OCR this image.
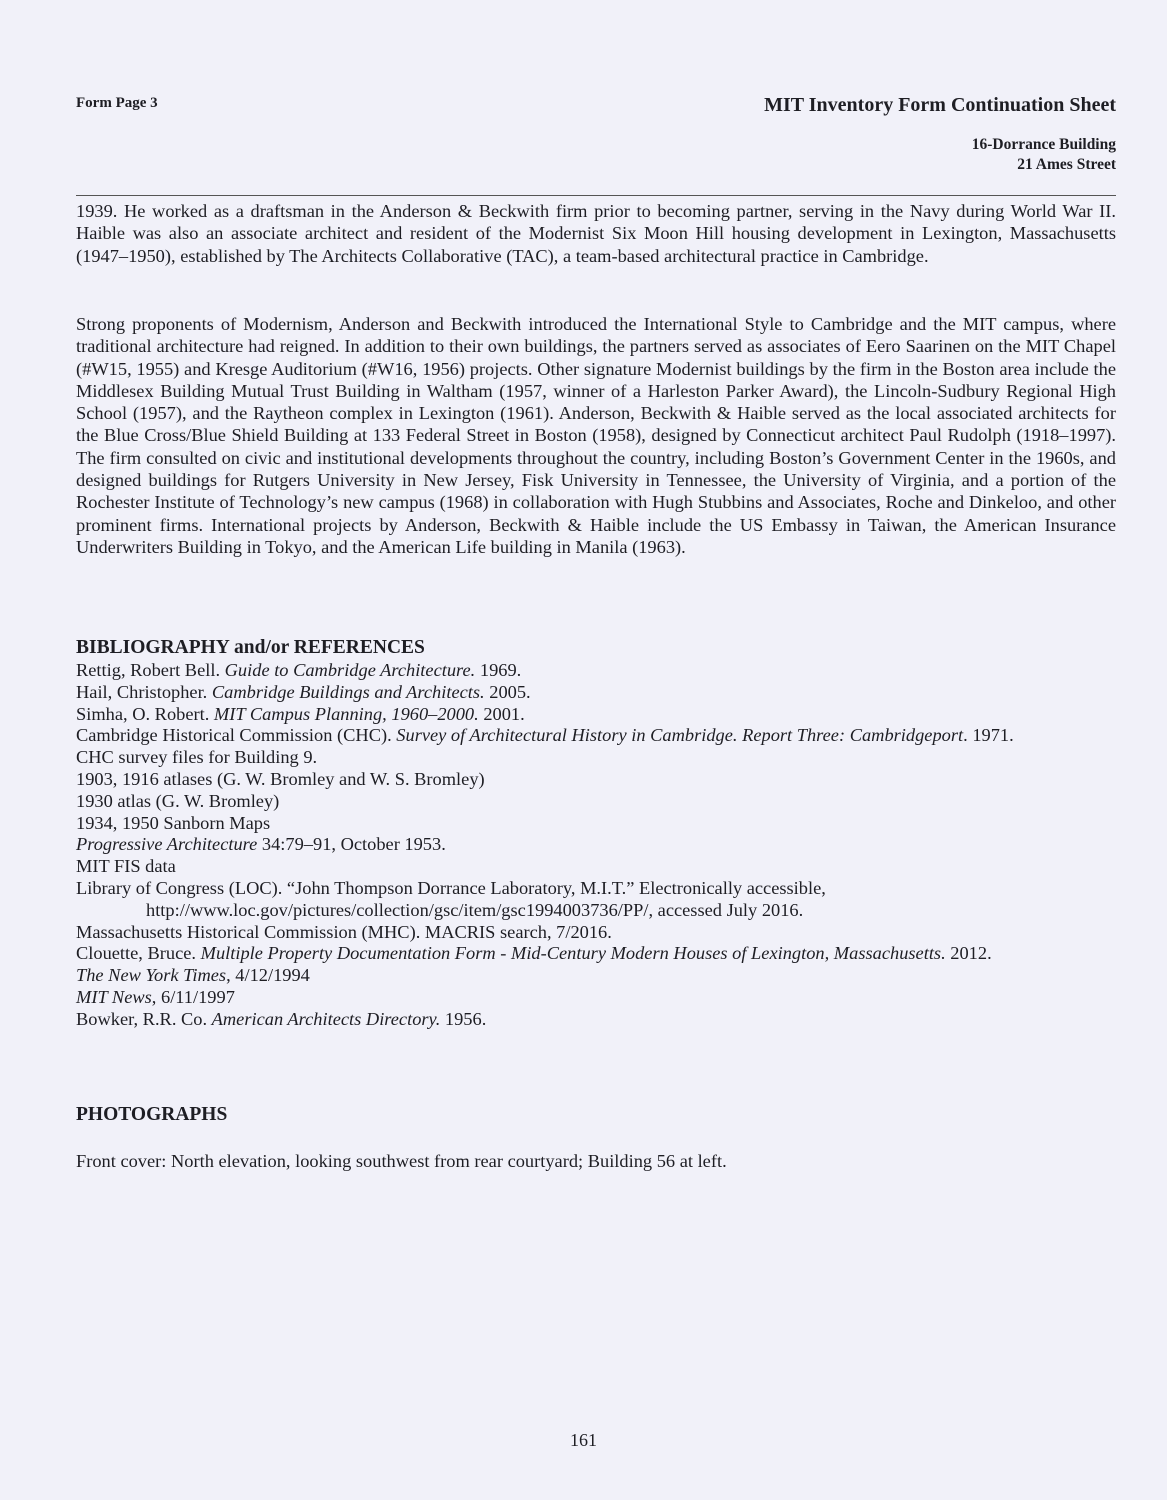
Form Page 3	MIT Inventory Form Continuation Sheet
16-Dorrance Building
21 Ames Street
1939. He worked as a draftsman in the Anderson & Beckwith firm prior to becoming partner, serving in the Navy during World War II. Haible was also an associate architect and resident of the Modernist Six Moon Hill housing development in Lexington, Massachusetts (1947–1950), established by The Architects Collaborative (TAC), a team-based architectural practice in Cambridge.
Strong proponents of Modernism, Anderson and Beckwith introduced the International Style to Cambridge and the MIT campus, where traditional architecture had reigned. In addition to their own buildings, the partners served as associates of Eero Saarinen on the MIT Chapel (#W15, 1955) and Kresge Auditorium (#W16, 1956) projects. Other signature Modernist buildings by the firm in the Boston area include the Middlesex Building Mutual Trust Building in Waltham (1957, winner of a Harleston Parker Award), the Lincoln-Sudbury Regional High School (1957), and the Raytheon complex in Lexington (1961). Anderson, Beckwith & Haible served as the local associated architects for the Blue Cross/Blue Shield Building at 133 Federal Street in Boston (1958), designed by Connecticut architect Paul Rudolph (1918–1997). The firm consulted on civic and institutional developments throughout the country, including Boston’s Government Center in the 1960s, and designed buildings for Rutgers University in New Jersey, Fisk University in Tennessee, the University of Virginia, and a portion of the Rochester Institute of Technology’s new campus (1968) in collaboration with Hugh Stubbins and Associates, Roche and Dinkeloo, and other prominent firms. International projects by Anderson, Beckwith & Haible include the US Embassy in Taiwan, the American Insurance Underwriters Building in Tokyo, and the American Life building in Manila (1963).
BIBLIOGRAPHY and/or REFERENCES
Rettig, Robert Bell. Guide to Cambridge Architecture. 1969.
Hail, Christopher. Cambridge Buildings and Architects. 2005.
Simha, O. Robert. MIT Campus Planning, 1960–2000. 2001.
Cambridge Historical Commission (CHC). Survey of Architectural History in Cambridge. Report Three: Cambridgeport. 1971.
CHC survey files for Building 9.
1903, 1916 atlases (G. W. Bromley and W. S. Bromley)
1930 atlas (G. W. Bromley)
1934, 1950 Sanborn Maps
Progressive Architecture 34:79–91, October 1953.
MIT FIS data
Library of Congress (LOC). “John Thompson Dorrance Laboratory, M.I.T.” Electronically accessible,
http://www.loc.gov/pictures/collection/gsc/item/gsc1994003736/PP/, accessed July 2016.
Massachusetts Historical Commission (MHC). MACRIS search, 7/2016.
Clouette, Bruce. Multiple Property Documentation Form - Mid-Century Modern Houses of Lexington, Massachusetts. 2012.
The New York Times, 4/12/1994
MIT News, 6/11/1997
Bowker, R.R. Co. American Architects Directory. 1956.
PHOTOGRAPHS
Front cover: North elevation, looking southwest from rear courtyard; Building 56 at left.
161
